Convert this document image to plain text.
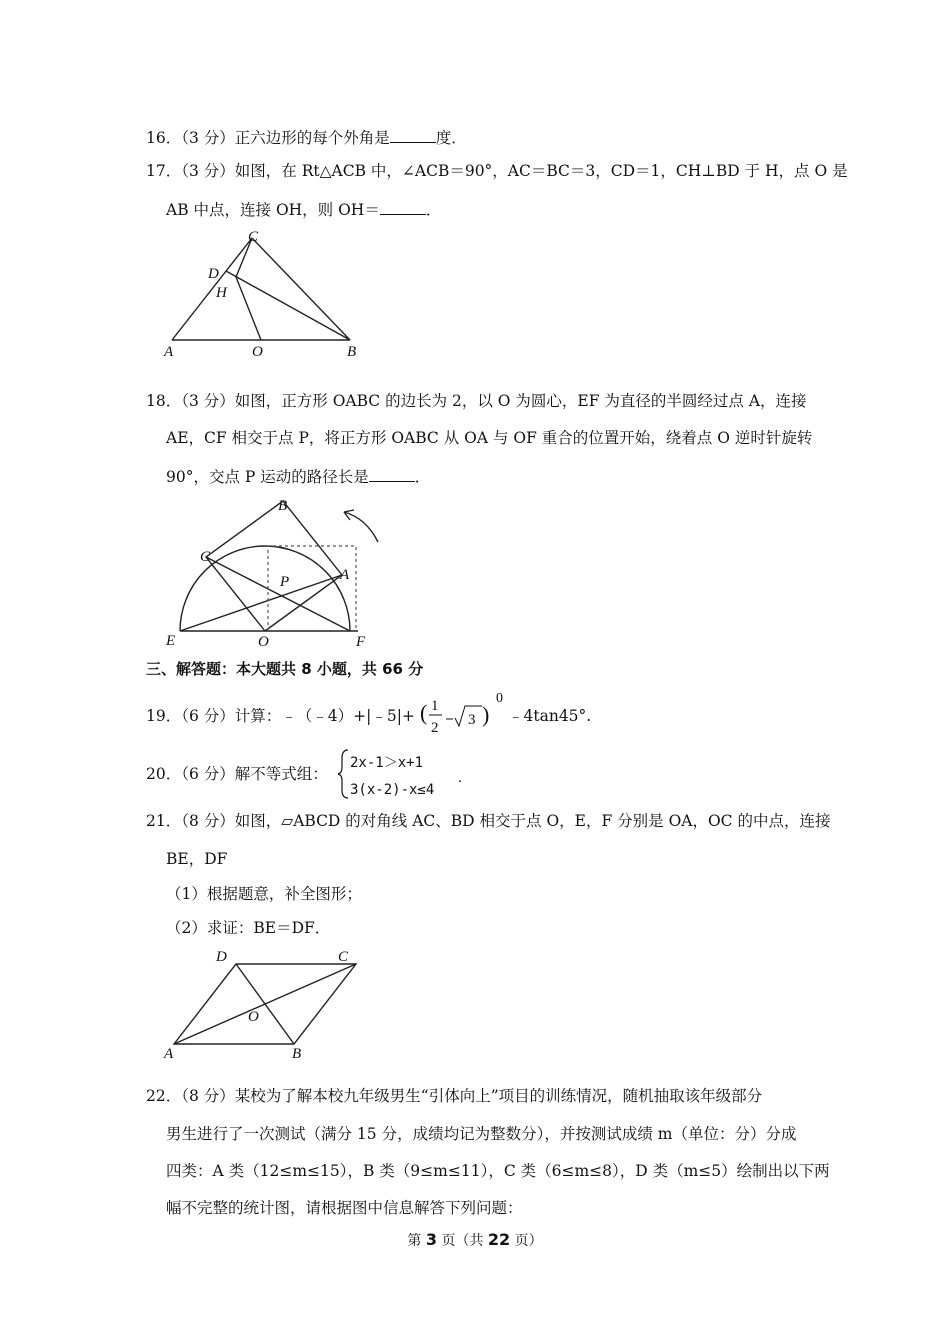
16．（3 分）正六边形的每个外角是	度．
17．（3 分）如图，在 Rt△ACB 中，∠ACB＝90°，AC＝BC＝3，CD＝1，CH⊥BD 于 H，点 O 是
AB 中点，连接 OH，则 OH＝	．
C
D
H
A	O	B
18．（3 分）如图，正方形 OABC 的边长为 2，以 O 为圆心，EF 为直径的半圆经过点 A，连接
AE，CF 相交于点 P，将正方形 OABC 从 OA 与 OF 重合的位置开始，绕着点 O 逆时针旋转
90°，交点 P 运动的路径长是	．
B
C
P	A
E	O	F
三、解答题：本大题共 8 小题，共 66 分
19．（6 分）计算：﹣（﹣4）+|﹣5|+ ( 1
2 3 )
0
﹣4tan45°.
20．（6 分）解不等式组：
2x-1＞x+1
3(x-2)-x≤4
.
21．（8 分）如图，▱ABCD 的对角线 AC、BD 相交于点 O，E，F 分别是 OA，OC 的中点，连接
BE，DF
（1）根据题意，补全图形；
（2）求证：BE＝DF．
D	C
O
A	B
22．（8 分）某校为了解本校九年级男生“引体向上”项目的训练情况，随机抽取该年级部分
男生进行了一次测试（满分 15 分，成绩均记为整数分），并按测试成绩 m（单位：分）分成
四类：A 类（12≤m≤15），B 类（9≤m≤11），C 类（6≤m≤8），D 类（m≤5）绘制出以下两
幅不完整的统计图，请根据图中信息解答下列问题：
第 3 页（共 22 页）
